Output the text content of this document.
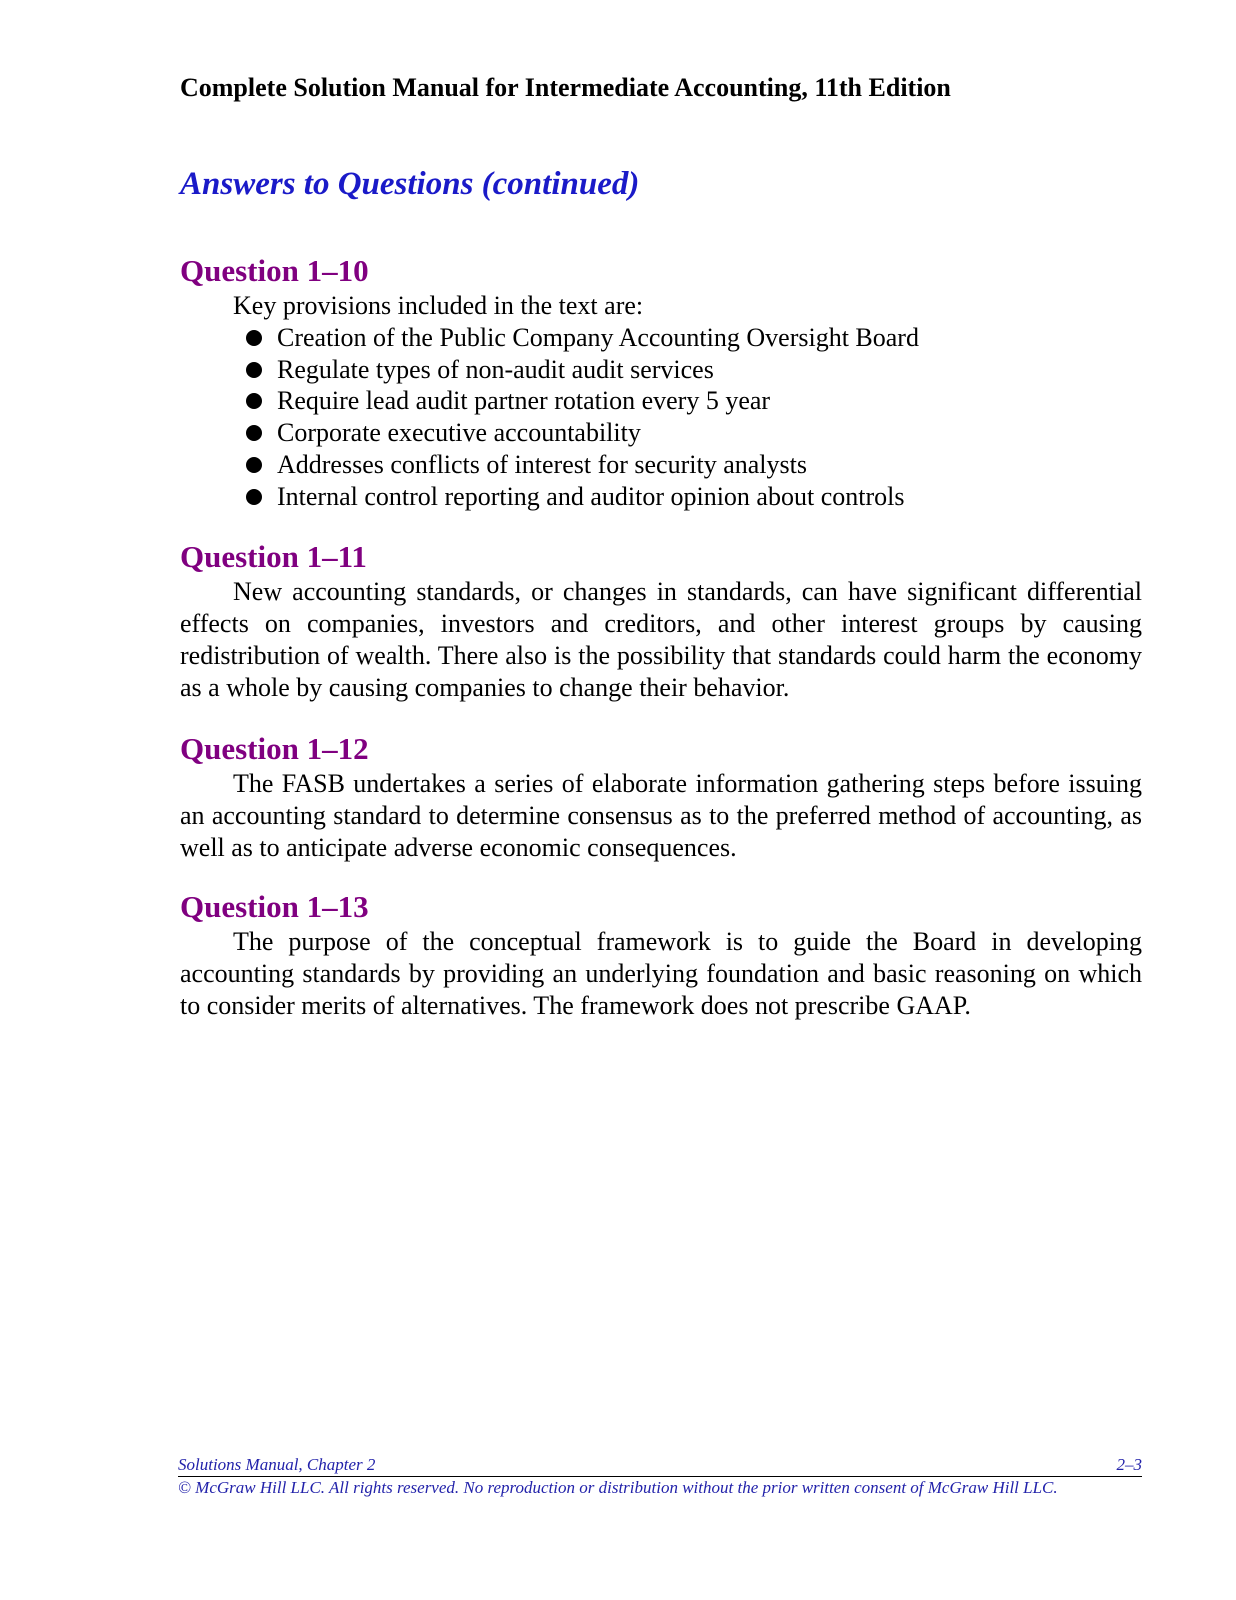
Complete Solution Manual for Intermediate Accounting, 11th Edition
Answers to Questions (continued)
Question 1–10

Key provisions included in the text are:

Creation of the Public Company Accounting Oversight Board
Regulate types of non-audit audit services
Require lead audit partner rotation every 5 year
Corporate executive accountability
Addresses conflicts of interest for security analysts
Internal control reporting and auditor opinion about controls
Question 1–11

New accounting standards, or changes in standards, can have significant differential effects on companies, investors and creditors, and other interest groups by causing redistribution of wealth. There also is the possibility that standards could harm the economy as a whole by causing companies to change their behavior.

Question 1–12

The FASB undertakes a series of elaborate information gathering steps before issuing an accounting standard to determine consensus as to the preferred method of accounting, as well as to anticipate adverse economic consequences.

Question 1–13

The purpose of the conceptual framework is to guide the Board in developing accounting standards by providing an underlying foundation and basic reasoning on which to consider merits of alternatives. The framework does not prescribe GAAP.

Solutions Manual, Chapter 2	2–3
© McGraw Hill LLC. All rights reserved. No reproduction or distribution without the prior written consent of McGraw Hill LLC.
